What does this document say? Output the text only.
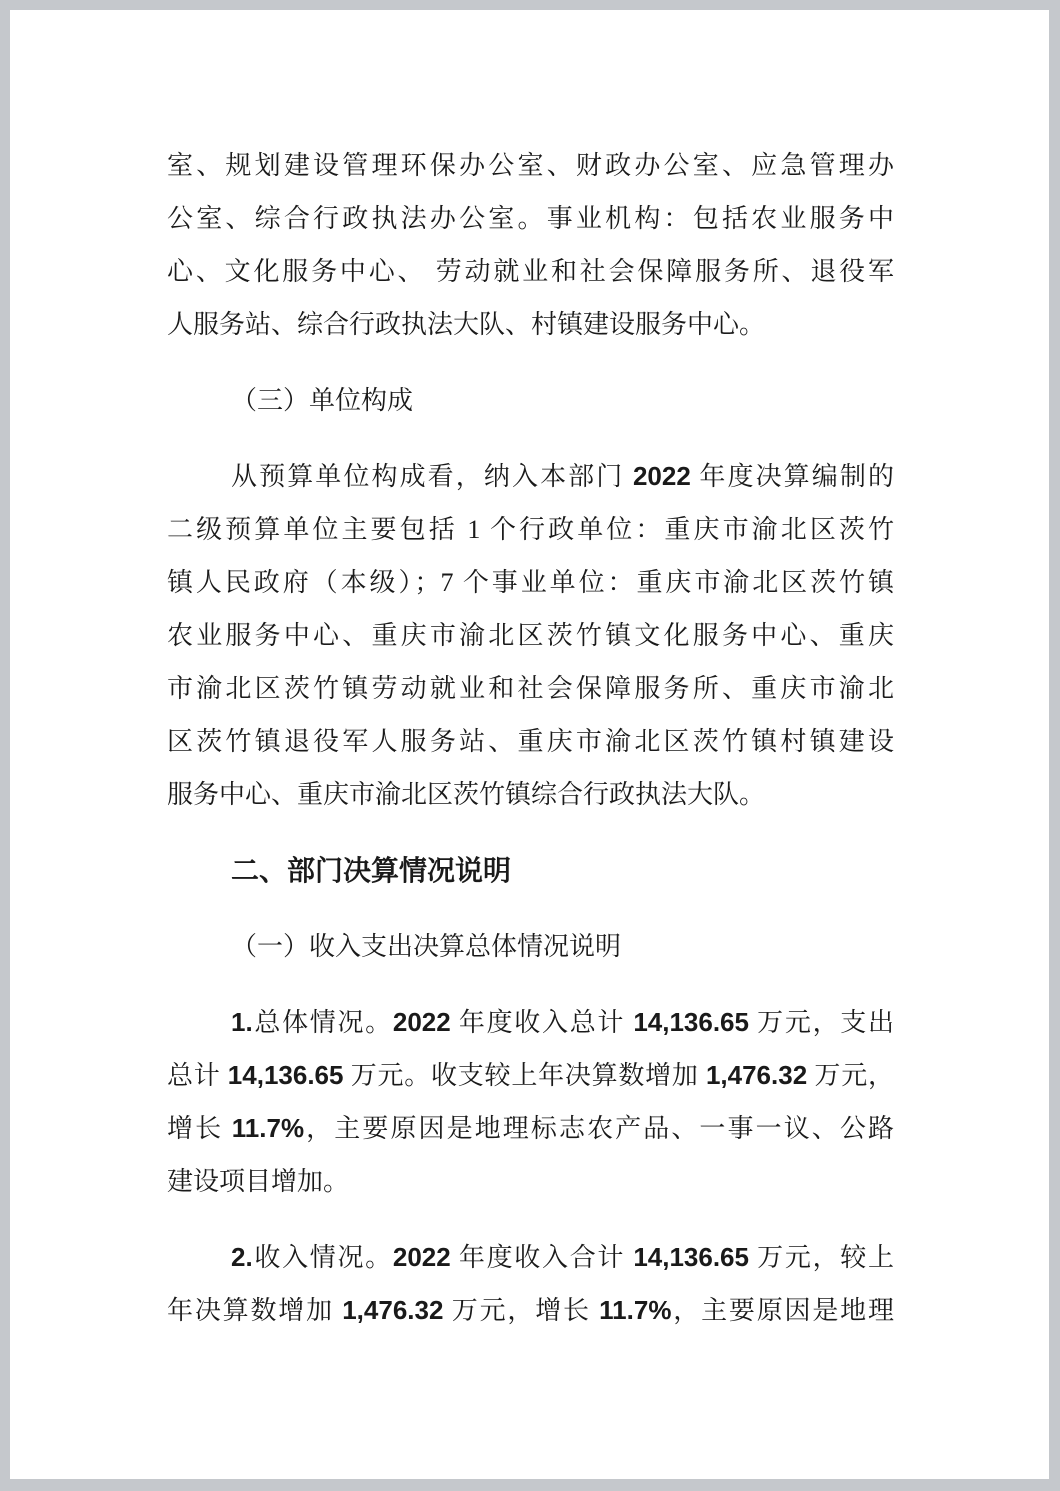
室、规划建设管理环保办公室、财政办公室、应急管理办
公室、综合行政执法办公室。事业机构：包括农业服务中
心、文化服务中心、 劳动就业和社会保障服务所、退役军
人服务站、综合行政执法大队、村镇建设服务中心。
（三）单位构成
从预算单位构成看，纳入本部门 2022 年度决算编制的
二级预算单位主要包括 1 个行政单位：重庆市渝北区茨竹
镇人民政府（本级）；7 个事业单位：重庆市渝北区茨竹镇
农业服务中心、重庆市渝北区茨竹镇文化服务中心、重庆
市渝北区茨竹镇劳动就业和社会保障服务所、重庆市渝北
区茨竹镇退役军人服务站、重庆市渝北区茨竹镇村镇建设
服务中心、重庆市渝北区茨竹镇综合行政执法大队。
二、部门决算情况说明
（一）收入支出决算总体情况说明
1.总体情况。2022 年度收入总计 14,136.65 万元，支出
总计 14,136.65 万元。收支较上年决算数增加 1,476.32 万元，
增长 11.7%，主要原因是地理标志农产品、一事一议、公路
建设项目增加。
2.收入情况。2022 年度收入合计 14,136.65 万元，较上
年决算数增加 1,476.32 万元，增长 11.7%，主要原因是地理
